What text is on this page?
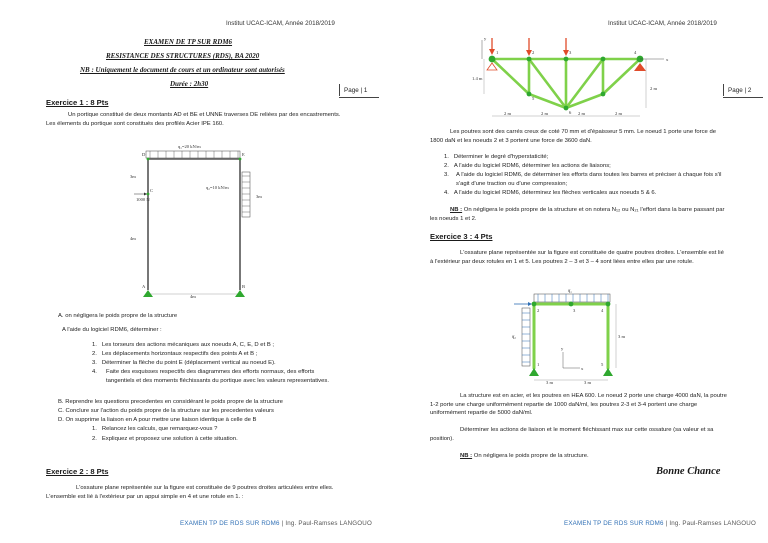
Institut UCAC-ICAM, Année 2018/2019
EXAMEN DE TP SUR RDM6
RESISTANCE DES STRUCTURES (RDS), BA 2020
NB : Uniquement le document de cours et un ordinateur sont autorisés
Durée : 2h30
Page | 1
Exercice 1 : 8 Pts
Un portique constitué de deux montants AD et BE et UNNE traverses DE reliées par des encastrements. Les élements du portique sont constitués des profilés Acier IPE 160.
q₁=20 kN/m
q₂=10 kN/m
1000 N
D	E
C
A	B
3m
3m
4m
4m
A. on négligera le poids propre de la structure
A l'aide du logiciel RDM6, déterminer :
1.   Les torseurs des actions mécaniques aux noeuds A, C, E, D et B ;
2.   Les déplacements horizontaux respectifs des points A et B ;
3.   Déterminer la flèche du point E (déplacement vertical au noeud E).
4. Faite des esquisses respectifs des diagrammes des efforts normaux, des efforts tangentiels et des moments fléchissants du portique avec les valeurs representatives.
B. Reprendre les questions precedentes en considérant le poids propre de la structure
C. Conclure sur l'action du poids propre de la structure sur les precedentes valeurs
D. On supprime la liaison en A pour mettre une liaison identique à celle de B
1.   Relancez les calculs, que remarquez-vous ?
2.   Expliquez et proposez une solution à cette situation.
Exercice 2 : 8 Pts
L'ossature plane représentée sur la figure est constituée de 9 poutres droites articulées entre elles. L'ensemble est lié à l'extérieur par un appui simple en 4 et une rotule en 1. :
EXAMEN TP DE RDS SUR RDM6 | Ing. Paul-Ramses LANGOUO
Institut UCAC-ICAM, Année 2018/2019
1	2	3	4
5
6
x
y
1.4 m
2 m	2 m	2 m	2 m
2 m	Page | 2
Les poutres sont des carrés creux de coté 70 mm et d'épaisseur 5 mm. Le noeud 1 porte une force de 1800 daN et les noeuds 2 et 3 portent une force de 3600 daN.
1.   Déterminer le degré d'hyperstaticité;
2.   A l'aide du logiciel RDM6, déterminer les actions de liaisons;
3. A l'aide du logiciel RDM6, de déterminer les efforts dans toutes les barres et préciser à chaque fois s'il s'agit d'une traction ou d'une compression;
4.   A l'aide du logiciel RDM6, déterminez les flèches verticales aux noeuds 5 & 6.
NB : On négligera le poids propre de la structure et on notera N₁₂ ou N₂₁ l'effort dans la barre passant par les noeuds 1 et 2.
Exercice 3 : 4 Pts
L'ossature plane représentée sur la figure est constituée de quatre poutres droites. L'ensemble est lié à l'extérieur par deux rotules en 1 et 5. Les poutres 2 – 3 et 3 – 4 sont liées entre elles par une rotule.
q̅₁
q̅₂
2	3	4
1	5
y
x
3 m	3 m
3 m
La structure est en acier, et les poutres en HEA 600. Le noeud 2 porte une charge 4000 daN, la poutre 1-2 porte une charge uniformément repartie de 1000 daN/ml, les poutres 2-3 et 3-4 portent une charge uniformément repartie de 5000 daN/ml.
Déterminer les actions de liaison et le moment fléchissant max sur cette ossature (sa valeur et sa position).
NB : On négligera le poids propre de la structure.
Bonne Chance
EXAMEN TP DE RDS SUR RDM6 | Ing. Paul-Ramses LANGOUO
